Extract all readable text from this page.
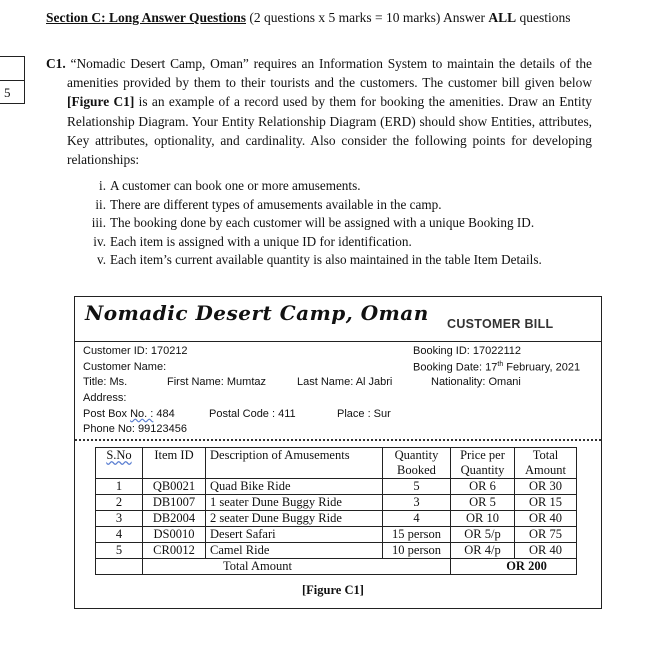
Section C: Long Answer Questions (2 questions x 5 marks = 10 marks) Answer ALL questions
5

C1. “Nomadic Desert Camp, Oman” requires an Information System to maintain the details of the amenities provided by them to their tourists and the customers. The customer bill given below [Figure C1] is an example of a record used by them for booking the amenities. Draw an Entity Relationship Diagram. Your Entity Relationship Diagram (ERD) should show Entities, attributes, Key attributes, optionality, and cardinality. Also consider the following points for developing relationships:

i. A customer can book one or more amusements.
ii. There are different types of amusements available in the camp.
iii. The booking done by each customer will be assigned with a unique Booking ID.
iv. Each item is assigned with a unique ID for identification.
v. Each item’s current available quantity is also maintained in the table Item Details.
Nomadic Desert Camp, Oman CUSTOMER BILL
Customer ID: 170212
Customer Name:
Title: Ms.	First Name: Mumtaz	Last Name: Al Jabri
Address:
Post Box No. : 484	Postal Code : 411	Place : Sur
Phone No: 99123456
Booking ID: 17022112
Booking Date: 17th February, 2021
Nationality: Omani
S.No	Item ID	Description of Amusements	Quantity Booked	Price per Quantity	Total Amount
1	QB0021	Quad Bike Ride	5	OR 6	OR 30
2	DB1007	1 seater Dune Buggy Ride	3	OR 5	OR 15
3	DB2004	2 seater Dune Buggy Ride	4	OR 10	OR 40
4	DS0010	Desert Safari	15 person	OR 5/p	OR 75
5	CR0012	Camel Ride	10 person	OR 4/p	OR 40
	Total Amount			OR 200	
[Figure C1]
